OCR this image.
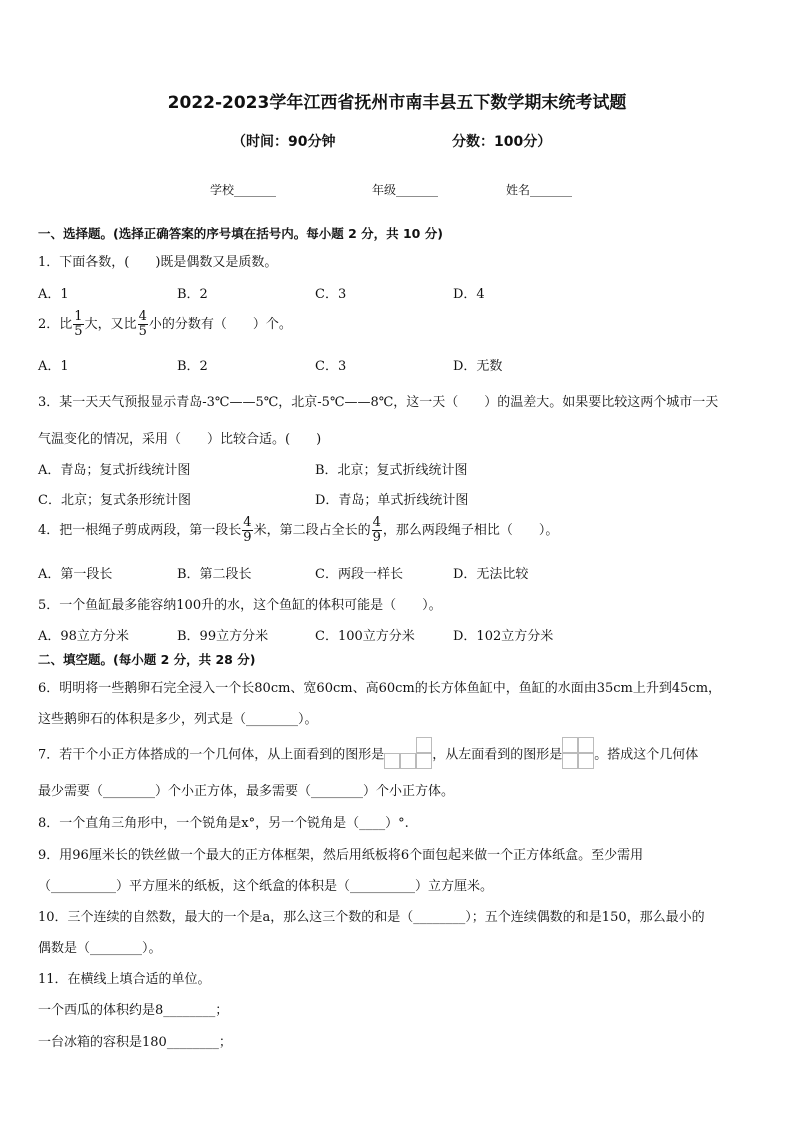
2022-2023学年江西省抚州市南丰县五下数学期末统考试题
（时间：90分钟	分数：100分）
学校_______	年级_______	姓名_______
一、选择题。(选择正确答案的序号填在括号内。每小题 2 分，共 10 分)
1．下面各数，(　　)既是偶数又是质数。
A．1	B．2	C．3	D．4
2．比 $\frac{1}{5}$ 大，又比 $\frac{4}{5}$ 小的分数有（　　）个。
A．1	B．2	C．3	D．无数
3．某一天天气预报显示青岛-3℃——5℃，北京-5℃——8℃，这一天（　　）的温差大。如果要比较这两个城市一天
气温变化的情况，采用（　　）比较合适。(　　)
A．青岛；复式折线统计图	B．北京；复式折线统计图
C．北京；复式条形统计图	D．青岛；单式折线统计图
4．把一根绳子剪成两段，第一段长 $\frac{4}{9}$ 米，第二段占全长的 $\frac{4}{9}$ ，那么两段绳子相比（　　）。
A．第一段长	B．第二段长	C．两段一样长	D．无法比较
5．一个鱼缸最多能容纳100升的水，这个鱼缸的体积可能是（　　）。
A．98立方分米	B．99立方分米	C．100立方分米	D．102立方分米
二、填空题。(每小题 2 分，共 28 分)
6．明明将一些鹅卵石完全浸入一个长80cm、宽60cm、高60cm的长方体鱼缸中，鱼缸的水面由35cm上升到45cm，
这些鹅卵石的体积是多少，列式是（________）。
7．若干个小正方体搭成的一个几何体，从上面看到的图形是	，从左面看到的图形是 。搭成这个几何体
最少需要（________）个小正方体，最多需要（________）个小正方体。
8．一个直角三角形中，一个锐角是x°，另一个锐角是（____）°.
9．用96厘米长的铁丝做一个最大的正方体框架，然后用纸板将6个面包起来做一个正方体纸盒。至少需用
（__________）平方厘米的纸板，这个纸盒的体积是（__________）立方厘米。
10．三个连续的自然数，最大的一个是a，那么这三个数的和是（________）；五个连续偶数的和是150，那么最小的
偶数是（________）。
11．在横线上填合适的单位。
一个西瓜的体积约是8________；
一台冰箱的容积是180________；
